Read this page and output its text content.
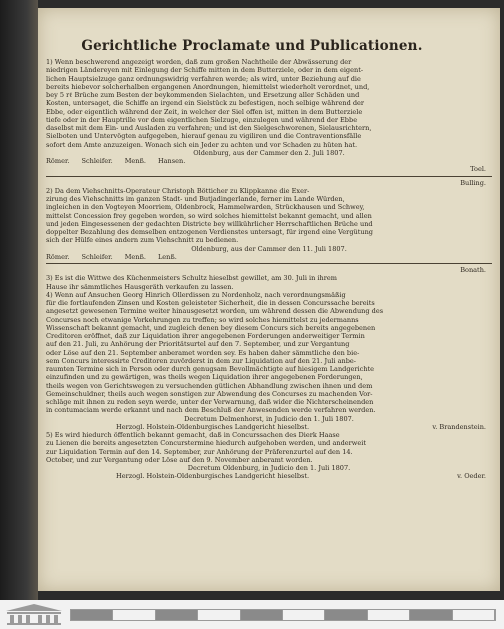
Gerichtliche Proclamate und Publicationen.
1) Wenn beschwerend angezeigt worden, daß zum großen Nachtheile der Abwässerung der
niedrigen Ländereyen mit Einlegung der Schiffe mitten in dem Butterziele, oder in dem eigent-
lichen Hauptsielzuge ganz ordnungswidrig verfahren werde; als wird, unter Beziehung auf die
bereits hiebevor solcherhalben ergangenen Anordnungen, hiemittelst wiederholt verordnet, und,
bey 5 rℓ Brüche zum Besten der beykommenden Sielachten, und Ersetzung aller Schäden und
Kosten, untersaget, die Schiffe an irgend ein Sielstück zu befestigen, noch selbige während der
Ebbe, oder eigentlich während der Zeit, in welcher der Siel offen ist, mitten in dem Butterziele
tiefe oder in der Hauptrille vor dem eigentlichen Sielzuge, einzulegen und während der Ebbe
daselbst mit dem Ein- und Ausladen zu verfahren; und ist den Sielgeschworenen, Sielausrichtern,
Sielboten und Untervögten aufgegeben, hierauf genau zu vigiliren und die Contraventionsfälle
sofort dem Amte anzuzeigen. Wonach sich ein Jeder zu achten und vor Schaden zu hüten hat.
Oldenburg, aus der Cammer den 2. Juli 1807.
Römer. Schleifer. Menß. Hansen.
Toel.
Bulling.
2) Da dem Viehschnitts-Operateur Christoph Bötticher zu Klippkanne die Exer-
zirung des Viehschnitts im ganzen Stadt- und Butjadingerlande, ferner im Lande Würden,
ingleichen in den Vogteyen Moorriem, Oldenbrock, Hammelwarden, Strückhausen und Schwey,
mittelst Concession frey gegeben worden, so wird solches hiemittelst bekannt gemacht, und allen
und jeden Eingesessenen der gedachten Districte bey willkührlicher Herrschaftlichen Brüche und
doppelter Bezahlung des demselben entzogenen Verdienstes untersagt, für irgend eine Vergütung
sich der Hülfe eines andern zum Viehschnitt zu bedienen.
Oldenburg, aus der Cammer den 11. Juli 1807.
Römer. Schleifer. Menß. Lenß.
Bonath.
3) Es ist die Wittwe des Küchenmeisters Schultz hieselbst gewillet, am 30. Juli in ihrem
Hause ihr sämmtliches Hausgeräth verkaufen zu lassen.
4) Wenn auf Ansuchen Georg Hinrich Ollerdissen zu Nordenholz, nach verordnungsmäßig
für die fortlaufenden Zinsen und Kosten geleisteter Sicherheit, die in dessen Concurssache bereits
angesetzt gewesenen Termine weiter hinausgesetzt worden, um während dessen die Abwendung des
Concurses noch etwanige Vorkehrungen zu treffen; so wird solches hiemittelst zu jedermanns
Wissenschaft bekannt gemacht, und zugleich denen bey diesem Concurs sich bereits angegebenen
Creditoren eröffnet, daß zur Liquidation ihrer angegebenen Forderungen anderweitiger Termin
auf den 21. Juli, zu Anhörung der Prioritätsurtel auf den 7. September, und zur Vergantung
oder Löse auf den 21. September anberamet worden sey. Es haben daher sämmtliche den bie-
sem Concurs interessirte Creditoren zuvörderst in dem zur Liquidation auf den 21. Juli anbe-
raumten Termine sich in Person oder durch genugsam Bevollmächtigte auf hiesigem Landgerichte
einzufinden und zu gewärtigen, was theils wegen Liquidation ihrer angegebenen Forderungen,
theils wegen von Gerichtswegen zu versuchenden gütlichen Abhandlung zwischen ihnen und dem
Gemeinschuldner, theils auch wegen sonstigen zur Abwendung des Concurses zu machenden Vor-
schläge mit ihnen zu reden seyn werde, unter der Verwarnung, daß wider die Nichterscheinenden
in contumaciam werde erkannt und nach dem Beschluß der Anwesenden werde verfahren werden.
Decretum Delmenhorst, in Judicio den 1. Juli 1807.
Herzogl. Holstein-Oldenburgisches Landgericht hieselbst.	v. Brandenstein.
5) Es wird hiedurch öffentlich bekannt gemacht, daß in Concurssachen des Dierk Haase
zu Lienen die bereits angesetzten Concurstermine hiedurch aufgehoben werden, und anderweit
zur Liquidation Termin auf den 14. September, zur Anhörung der Präferenzurtel auf den 14.
October, und zur Vergantung oder Löse auf den 9. November anberamt worden.
Decretum Oldenburg, in Judicio den 1. Juli 1807.
Herzogl. Holstein-Oldenburgisches Landgericht hieselbst.	v. Oeder.
